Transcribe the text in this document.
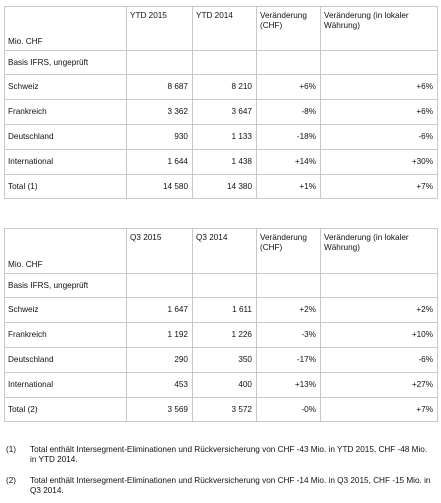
Mio. CHF	YTD 2015	YTD 2014	Veränderung (CHF)	Veränderung (in lokaler Währung)
Basis IFRS, ungeprüft				
Schweiz	8 687	8 210	+6%	+6%
Frankreich	3 362	3 647	-8%	+6%
Deutschland	930	1 133	-18%	-6%
International	1 644	1 438	+14%	+30%
Total (1)	14 580	14 380	+1%	+7%
Mio. CHF	Q3 2015	Q3 2014	Veränderung (CHF)	Veränderung (in lokaler Währung)
Basis IFRS, ungeprüft				
Schweiz	1 647	1 611	+2%	+2%
Frankreich	1 192	1 226	-3%	+10%
Deutschland	290	350	-17%	-6%
International	453	400	+13%	+27%
Total (2)	3 569	3 572	-0%	+7%
(1) Total enthält Intersegment-Eliminationen und Rückversicherung von CHF -43 Mio. in YTD 2015, CHF -48 Mio. in YTD 2014.
(2) Total enthält Intersegment-Eliminationen und Rückversicherung von CHF -14 Mio. in Q3 2015, CHF -15 Mio. in Q3 2014.
